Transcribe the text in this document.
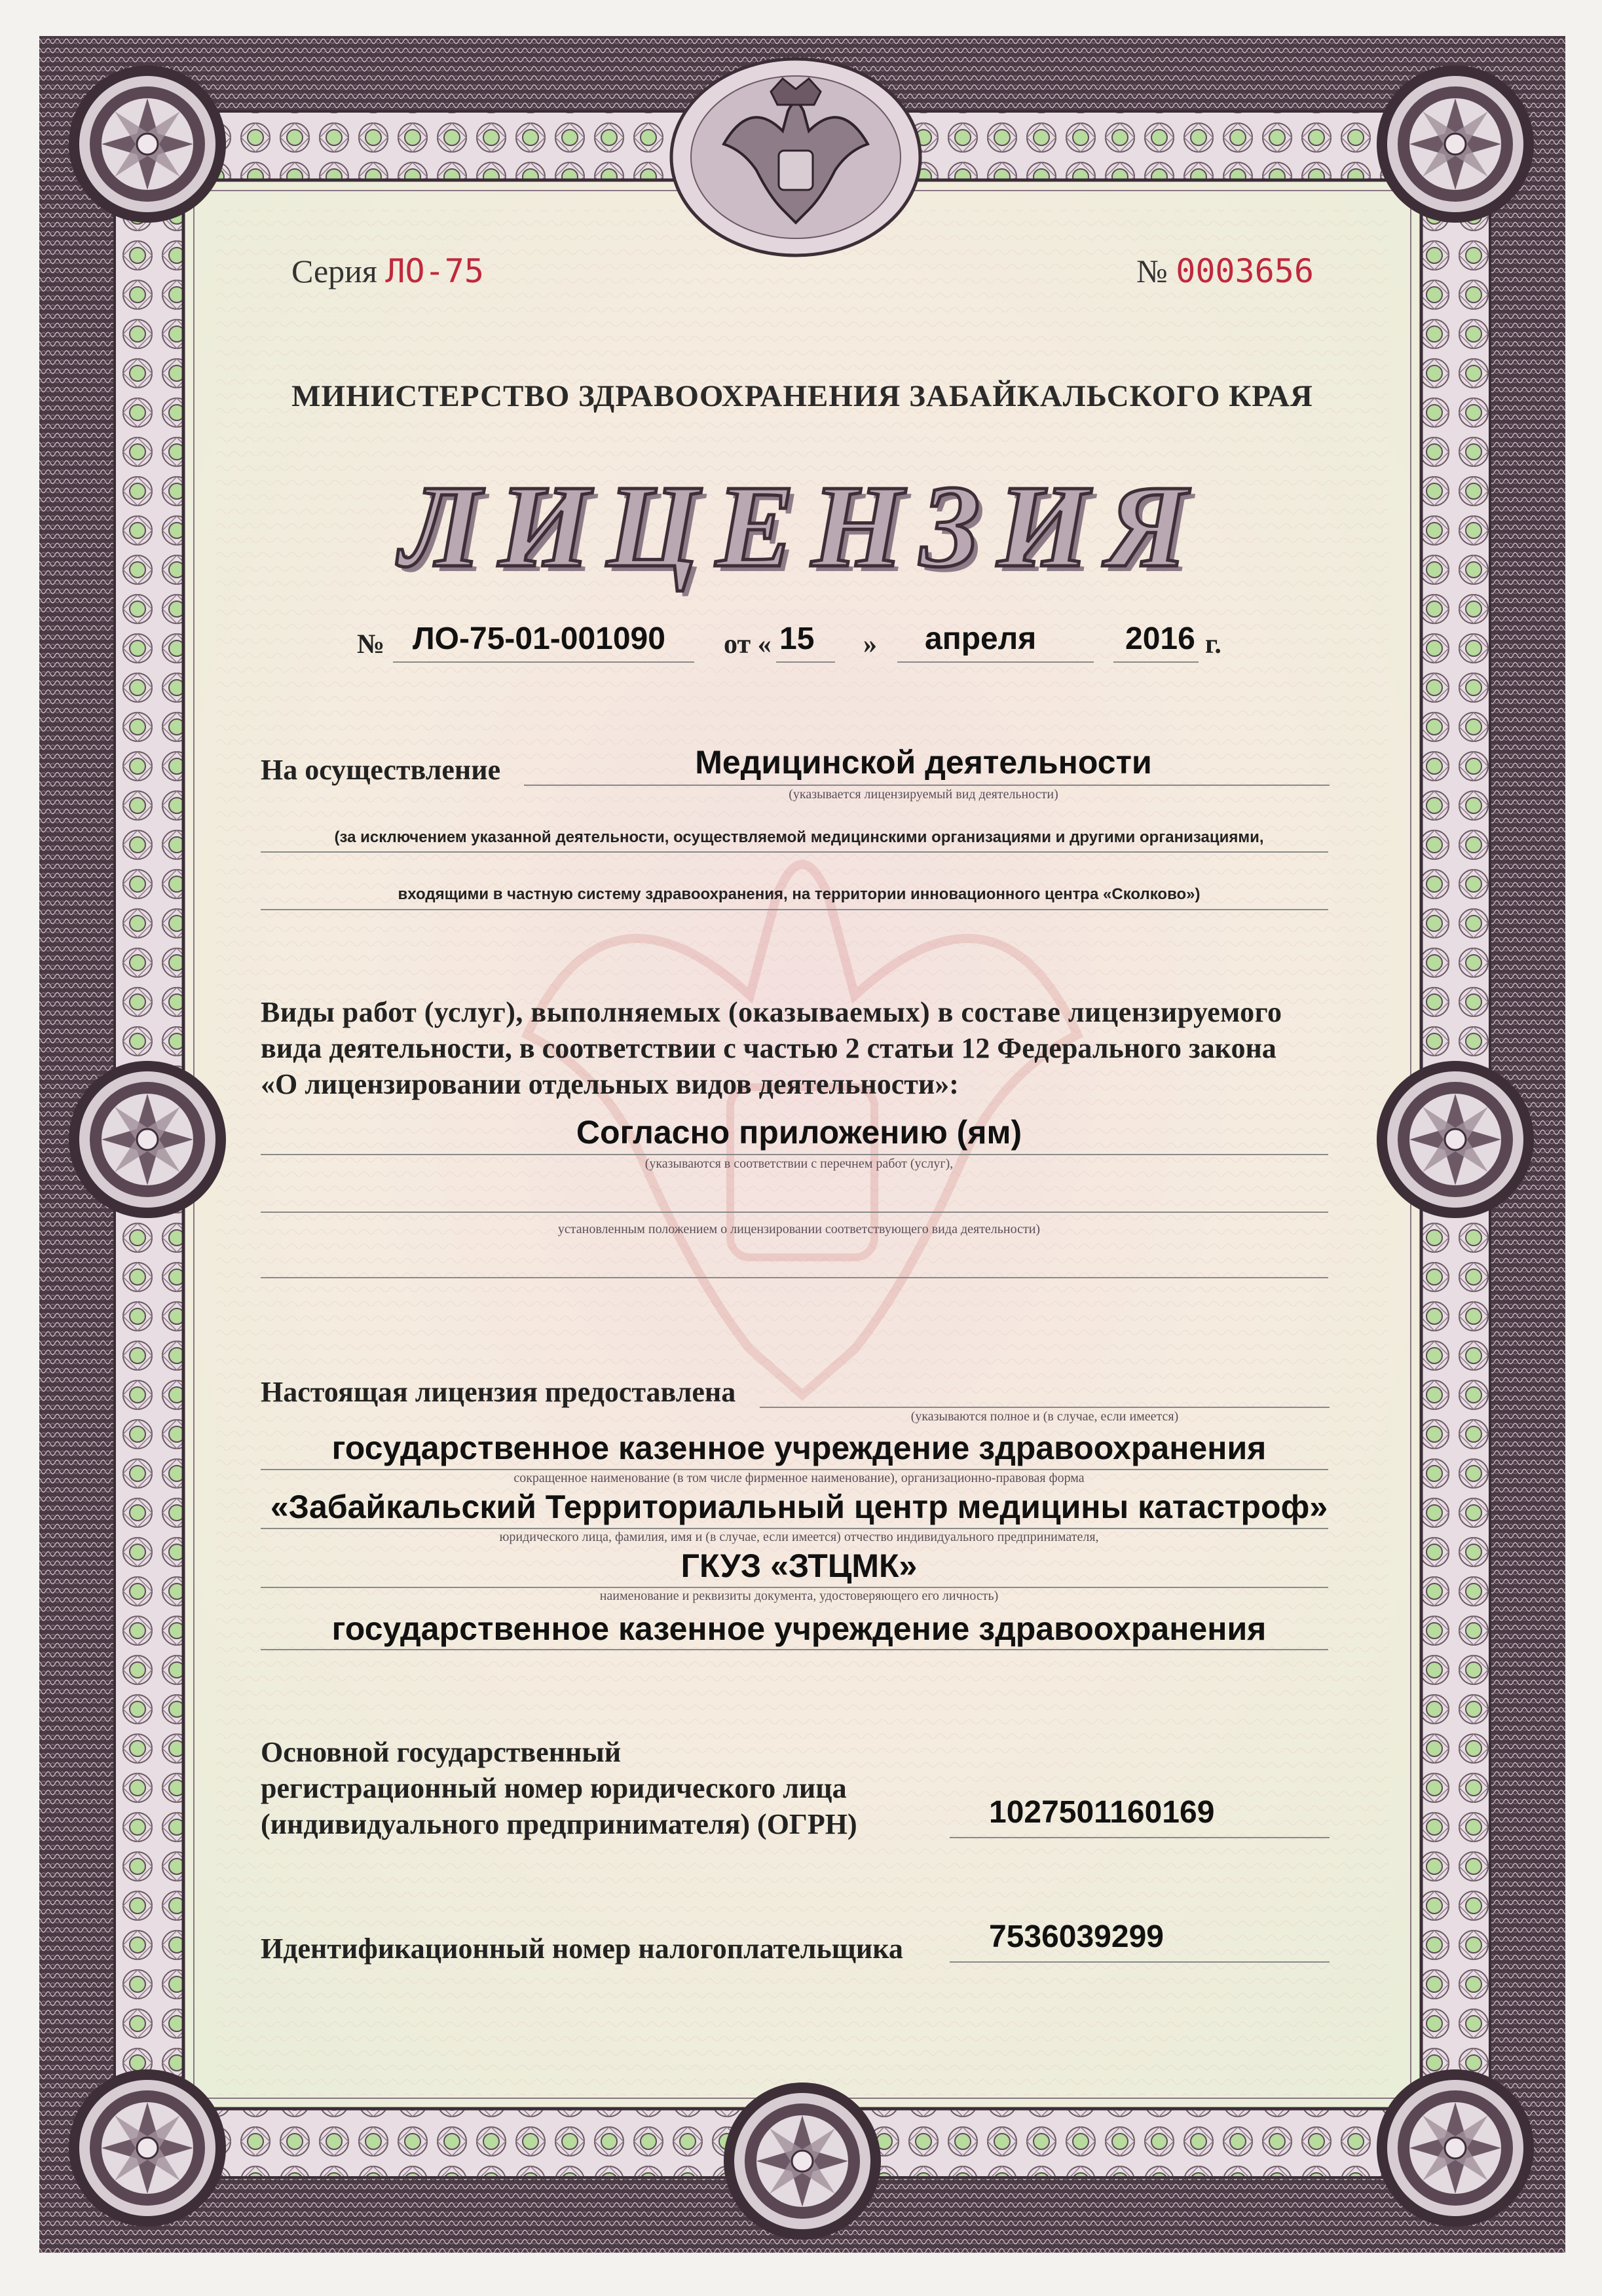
Серия ЛО-75	№ 0003656
МИНИСТЕРСТВО ЗДРАВООХРАНЕНИЯ ЗАБАЙКАЛЬСКОГО КРАЯ
ЛИЦЕНЗИЯ
№ ЛО-75-01-001090 от « 15 » апреля	2016 г.
На осуществление	Медицинской деятельности
(указывается лицензируемый вид деятельности)
(за исключением указанной деятельности, осуществляемой медицинскими организациями и другими организациями,
входящими в частную систему здравоохранения, на территории инновационного центра «Сколково»)
Виды работ (услуг), выполняемых (оказываемых) в составе лицензируемого
вида деятельности, в соответствии с частью 2 статьи 12 Федерального закона
«О лицензировании отдельных видов деятельности»:
Согласно приложению (ям)
(указываются в соответствии с перечнем работ (услуг),
установленным положением о лицензировании соответствующего вида деятельности)
Настоящая лицензия предоставлена
(указываются полное и (в случае, если имеется)
государственное казенное учреждение здравоохранения
сокращенное наименование (в том числе фирменное наименование), организационно-правовая форма
«Забайкальский Территориальный центр медицины катастроф»
юридического лица, фамилия, имя и (в случае, если имеется) отчество индивидуального предпринимателя,
ГКУЗ «ЗТЦМК»
наименование и реквизиты документа, удостоверяющего его личность)
государственное казенное учреждение здравоохранения
Основной государственный
регистрационный номер юридического лица
(индивидуального предпринимателя) (ОГРН)	1027501160169
Идентификационный номер налогоплательщика	7536039299
